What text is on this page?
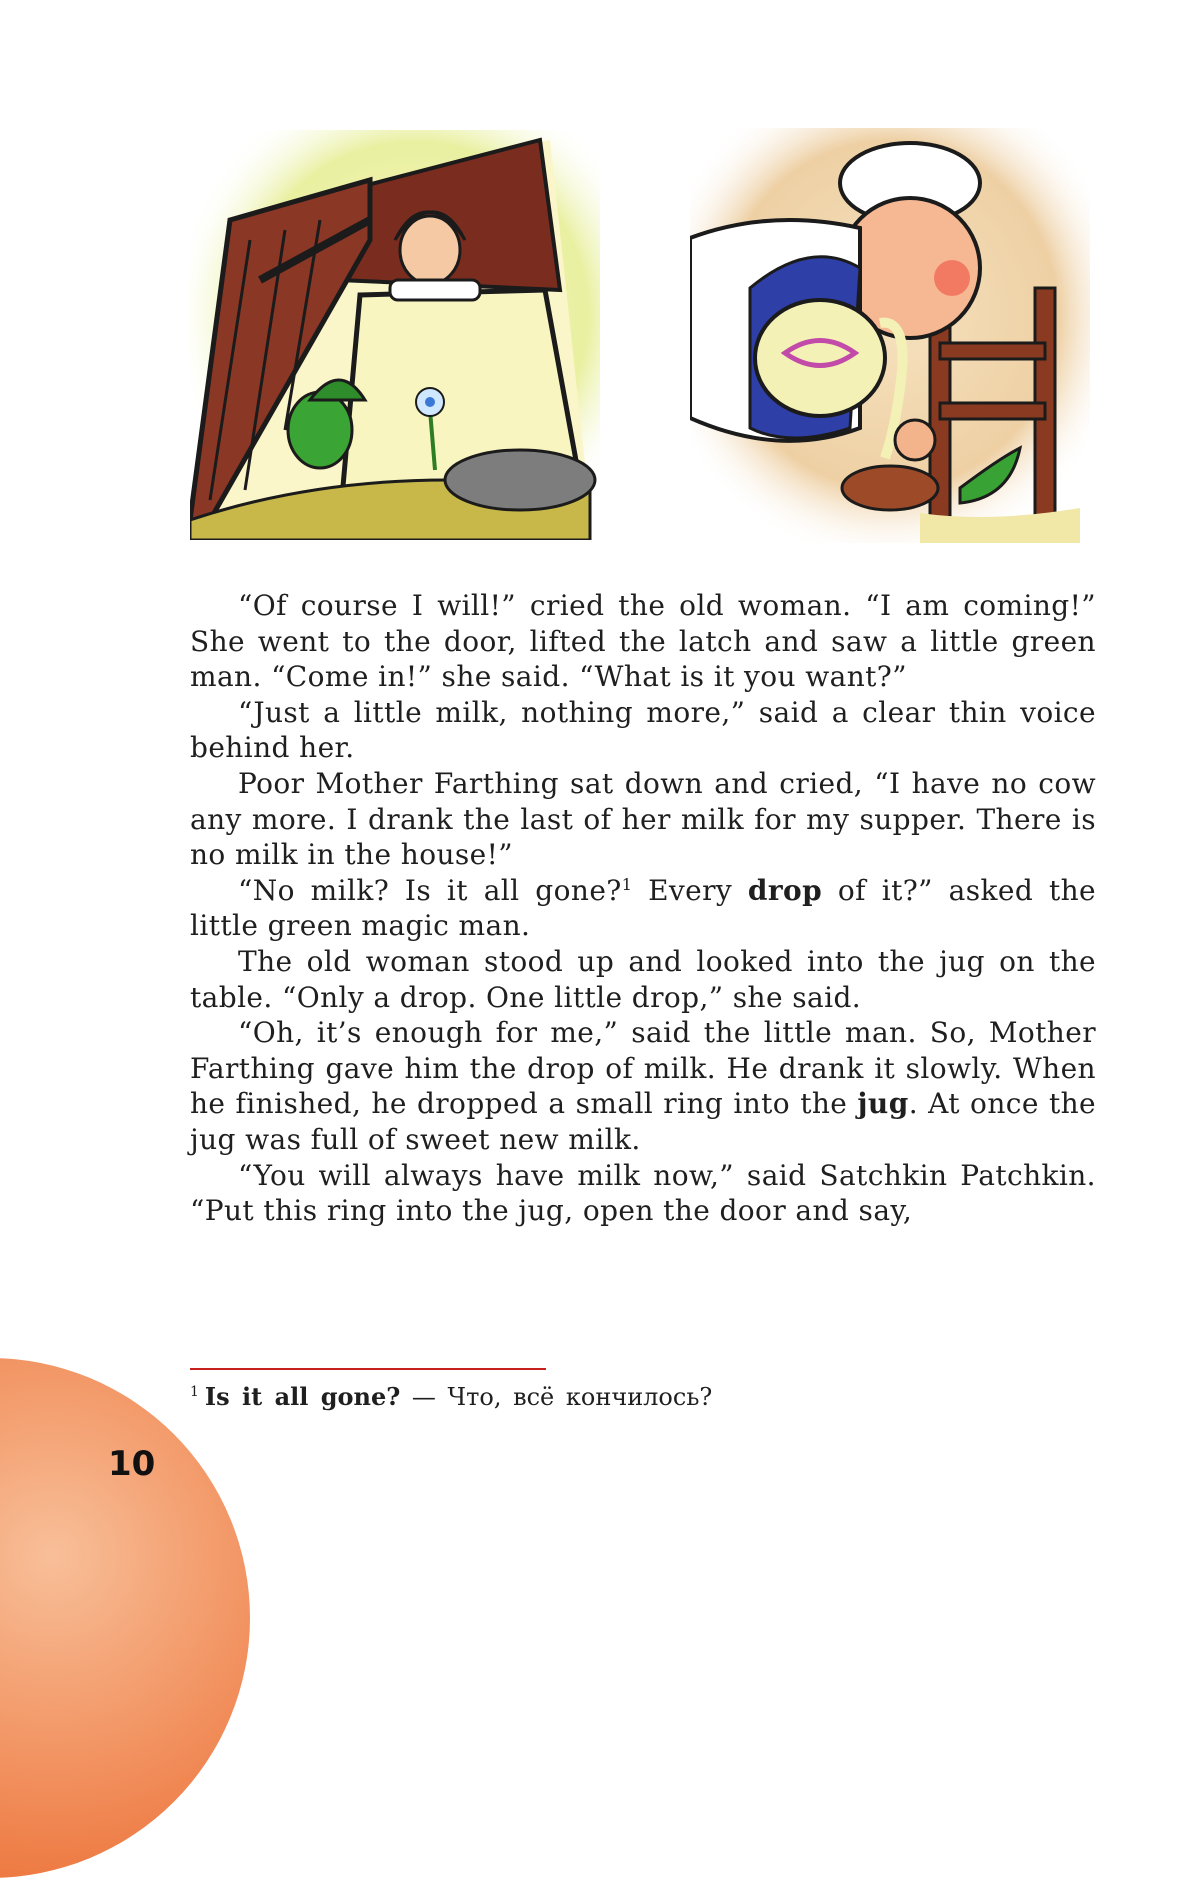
“Of course I will!” cried the old woman. “I am coming!” She went to the door, lifted the latch and saw a little green man. “Come in!” she said. “What is it you want?”

“Just a little milk, nothing more,” said a clear thin voice behind her.

Poor Mother Farthing sat down and cried, “I have no cow any more. I drank the last of her milk for my supper. There is no milk in the house!”

“No milk? Is it all gone?$^1$ Every drop of it?” asked the little green magic man.

The old woman stood up and looked into the jug on the table. “Only a drop. One little drop,” she said.

“Oh, it’s enough for me,” said the little man. So, Mother Farthing gave him the drop of milk. He drank it slowly. When he finished, he dropped a small ring into the jug. At once the jug was full of sweet new milk.

“You will always have milk now,” said Satchkin Patchkin. “Put this ring into the jug, open the door and say,

$^1$ Is it all gone? — Что, всё кончилось?
10
